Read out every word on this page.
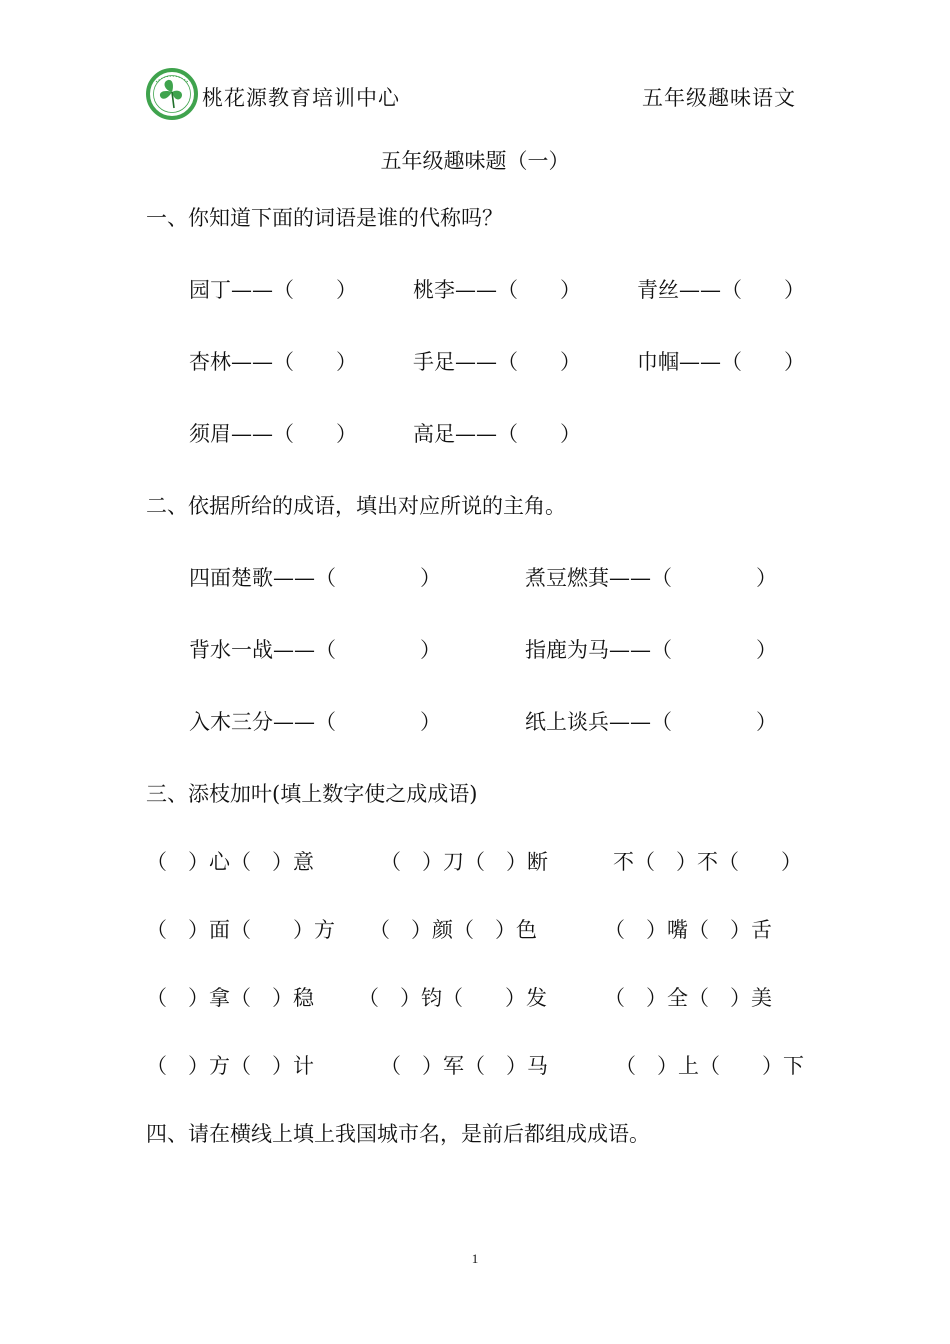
桃花源教育培训中心	五年级趣味语文
五年级趣味题（一）
一、你知道下面的词语是谁的代称吗？
园丁——（　　）	桃李——（　　）	青丝——（　　）
杏林——（　　）	手足——（　　）	巾帼——（　　）
须眉——（　　）	高足——（　　）
二、依据所给的成语，填出对应所说的主角。
四面楚歌——（　　　　）	煮豆燃萁——（　　　　）
背水一战——（　　　　）	指鹿为马——（　　　　）
入木三分——（　　　　）	纸上谈兵——（　　　　）
三、添枝加叶(填上数字使之成成语)
（　）心（　）意	（　）刀（　）断	不（　）不（　　）
（　）面（　　）方 （　）颜（　）色	（　）嘴（　）舌
（　）拿（　）稳 （　）钧（　　）发	（　）全（　）美
（　）方（　）计	（　）军（　）马	（　）上（　　）下
四、请在横线上填上我国城市名，是前后都组成成语。
1
